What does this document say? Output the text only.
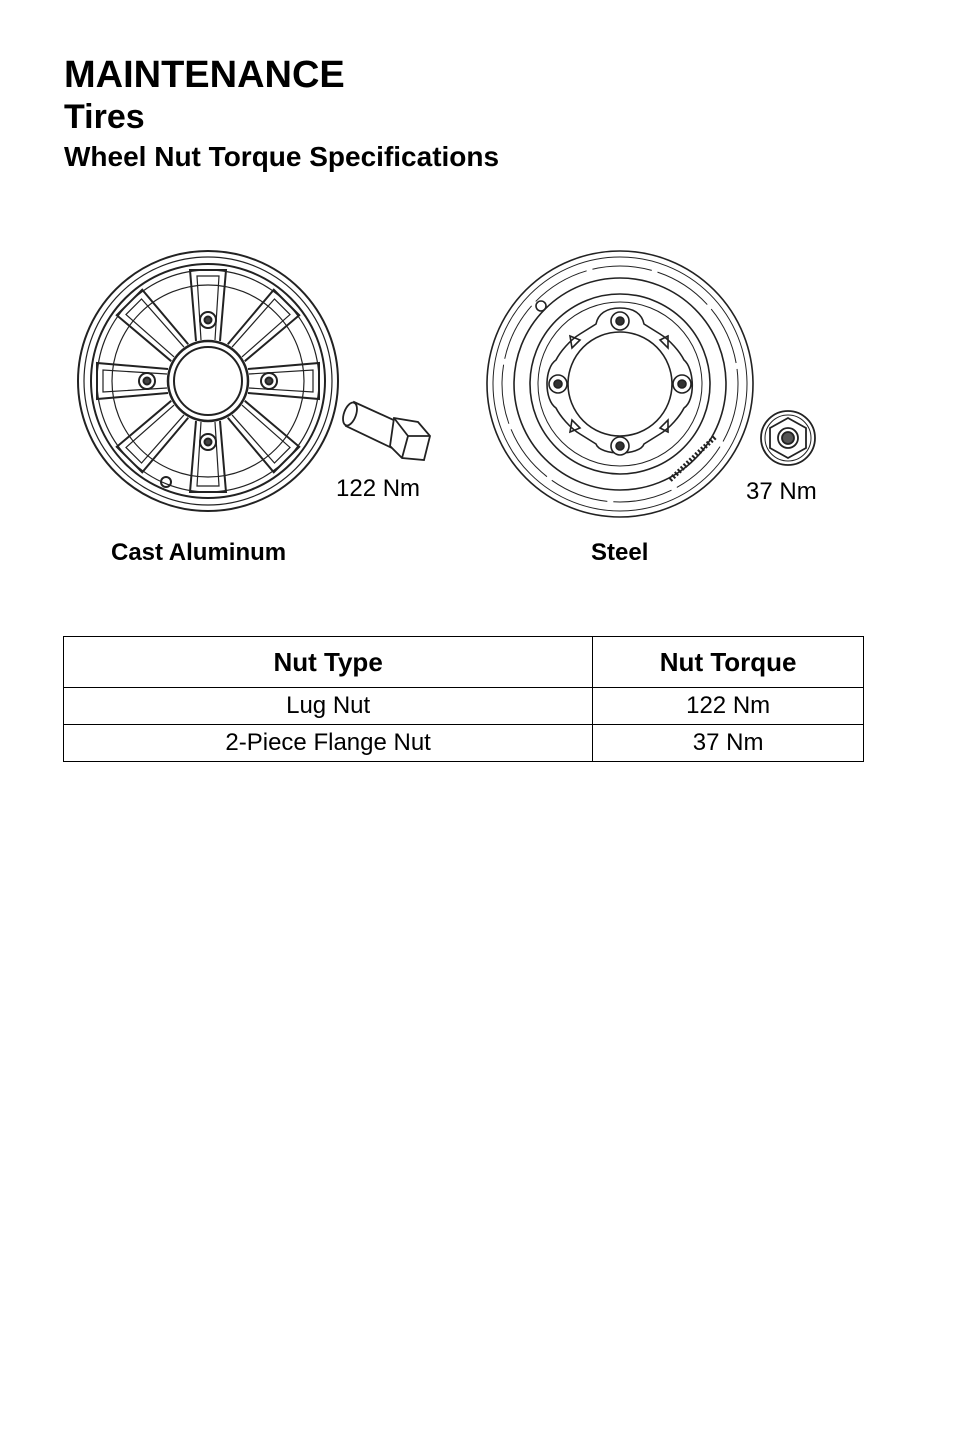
MAINTENANCE
Tires
Wheel Nut Torque Specifications
122 Nm
Cast Aluminum
37 Nm
Steel
Nut Type	Nut Torque
Lug Nut	122 Nm
2-Piece Flange Nut	37 Nm
